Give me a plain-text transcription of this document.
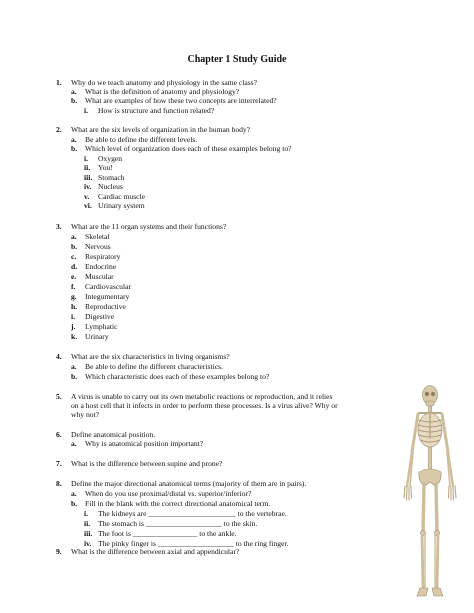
Chapter 1 Study Guide
1. Why do we teach anatomy and physiology in the same class?
a. What is the definition of anatomy and physiology?
b. What are examples of how these two concepts are interrelated?
i. How is structure and function related?
2. What are the six levels of organization in the human body?
a. Be able to define the different levels.
b. Which level of organization does each of these examples belong to?
i. Oxygen
ii. You!
iii. Stomach
iv. Nucleus
v. Cardiac muscle
vi. Urinary system
3. What are the 11 organ systems and their functions?
a. Skeletal
b. Nervous
c. Respiratory
d. Endocrine
e. Muscular
f. Cardiovascular
g. Integumentary
h. Reproductive
i. Digestive
j. Lymphatic
k. Urinary
4. What are the six characteristics in living organisms?
a. Be able to define the different characteristics.
b. Which characteristic does each of these examples belong to?
5. A virus is unable to carry out its own metabolic reactions or reproduction, and it relies
on a host cell that it infects in order to perform these processes. Is a virus alive? Why or
why not?
6. Define anatomical position.
a. Why is anatomical position important?
7. What is the difference between supine and prone?
8. Define the major directional anatomical terms (majority of them are in pairs).
a. When do you use proximal/distal vs. superior/inferior?
b. Fill in the blank with the correct directional anatomical term.
i. The kidneys are _______________________ to the vertebrae.
ii. The stomach is ____________________ to the skin.
iii. The foot is _________________ to the ankle.
iv. The pinky finger is ____________________ to the ring finger.
9. What is the difference between axial and appendicular?
